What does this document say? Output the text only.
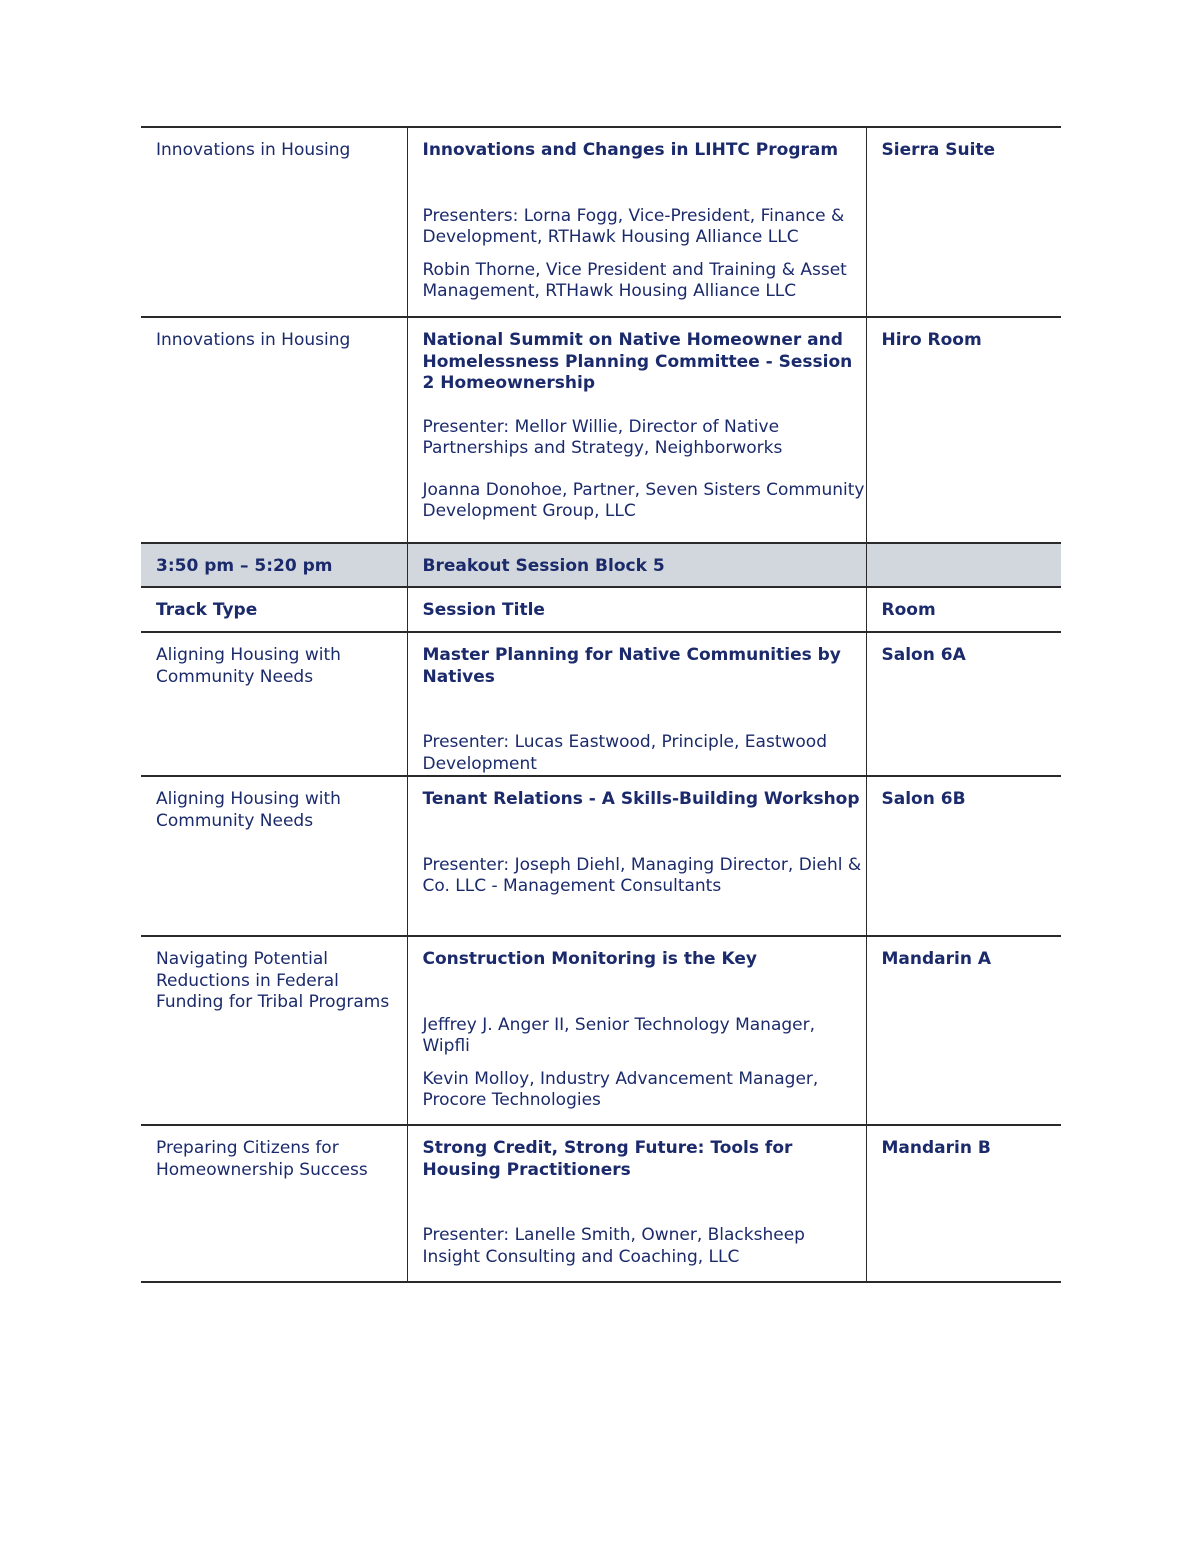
Innovations in Housing	Innovations and Changes in LIHTC Program

Presenters: Lorna Fogg, Vice-President, Finance & Development, RTHawk Housing Alliance LLC

Robin Thorne, Vice President and Training & Asset Management, RTHawk Housing Alliance LLC	Sierra Suite
Innovations in Housing	National Summit on Native Homeowner and Homelessness Planning Committee - Session 2 Homeownership

Presenter: Mellor Willie, Director of Native Partnerships and Strategy, Neighborworks

Joanna Donohoe, Partner, Seven Sisters Community Development Group, LLC	Hiro Room
3:50 pm – 5:20 pm	Breakout Session Block 5	
Track Type	Session Title	Room
Aligning Housing with Community Needs	Master Planning for Native Communities by Natives

Presenter: Lucas Eastwood, Principle, Eastwood Development	Salon 6A
Aligning Housing with Community Needs	Tenant Relations - A Skills-Building Workshop

Presenter: Joseph Diehl, Managing Director, Diehl & Co. LLC - Management Consultants	Salon 6B
Navigating Potential Reductions in Federal Funding for Tribal Programs	Construction Monitoring is the Key

Jeffrey J. Anger II, Senior Technology Manager, Wipfli

Kevin Molloy, Industry Advancement Manager, Procore Technologies	Mandarin A
Preparing Citizens for Homeownership Success	Strong Credit, Strong Future: Tools for Housing Practitioners

Presenter: Lanelle Smith, Owner, Blacksheep Insight Consulting and Coaching, LLC	Mandarin B
